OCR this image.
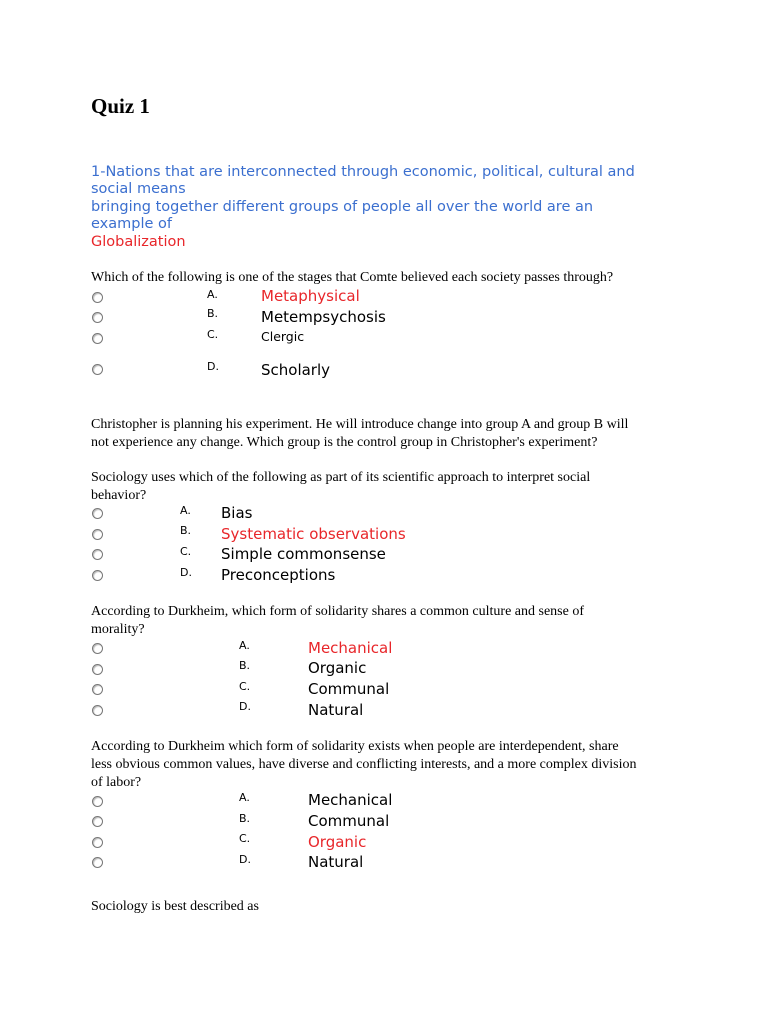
Quiz 1
1-Nations that are interconnected through economic, political, cultural and
social means
bringing together different groups of people all over the world are an
example of
Globalization
Which of the following is one of the stages that Comte believed each society passes through?
A.	Metaphysical
B.	Metempsychosis
C.	Clergic
D.	Scholarly
Christopher is planning his experiment. He will introduce change into group A and group B will
not experience any change. Which group is the control group in Christopher's experiment?
Sociology uses which of the following as part of its scientific approach to interpret social
behavior?
A. Bias
B. Systematic observations
C. Simple commonsense
D. Preconceptions
According to Durkheim, which form of solidarity shares a common culture and sense of
morality?
A.	Mechanical
B.	Organic
C.	Communal
D.	Natural
According to Durkheim which form of solidarity exists when people are interdependent, share
less obvious common values, have diverse and conflicting interests, and a more complex division
of labor?
A.	Mechanical
B.	Communal
C.	Organic
D.	Natural
Sociology is best described as
